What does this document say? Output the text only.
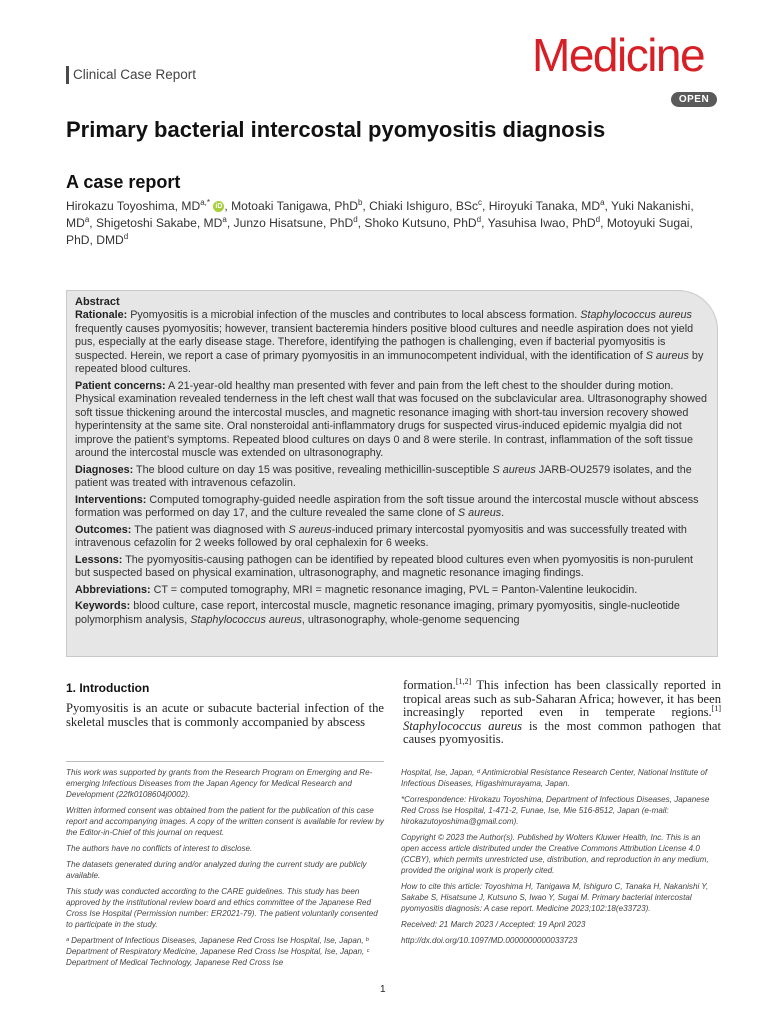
Clinical Case Report	Medicine
OPEN
Primary bacterial intercostal pyomyositis diagnosis
A case report
Hirokazu Toyoshima, $MD^{a,*}$ iD , Motoaki Tanigawa, PhD$^b$, Chiaki Ishiguro, BSc$^c$, Hiroyuki Tanaka, $MD^a$, Yuki Nakanishi, $MD^a$, Shigetoshi Sakabe, $MD^a$, Junzo Hisatsune, PhD$^d$, Shoko Kutsuno, PhD$^d$, Yasuhisa Iwao, PhD$^d$, Motoyuki Sugai, PhD, DMD$^d$
Abstract

Rationale: Pyomyositis is a microbial infection of the muscles and contributes to local abscess formation. Staphylococcus aureus frequently causes pyomyositis; however, transient bacteremia hinders positive blood cultures and needle aspiration does not yield pus, especially at the early disease stage. Therefore, identifying the pathogen is challenging, even if bacterial pyomyositis is suspected. Herein, we report a case of primary pyomyositis in an immunocompetent individual, with the identification of S aureus by repeated blood cultures.

Patient concerns: A 21-year-old healthy man presented with fever and pain from the left chest to the shoulder during motion. Physical examination revealed tenderness in the left chest wall that was focused on the subclavicular area. Ultrasonography showed soft tissue thickening around the intercostal muscles, and magnetic resonance imaging with short-tau inversion recovery showed hyperintensity at the same site. Oral nonsteroidal anti-inflammatory drugs for suspected virus-induced epidemic myalgia did not improve the patient’s symptoms. Repeated blood cultures on days 0 and 8 were sterile. In contrast, inflammation of the soft tissue around the intercostal muscle was extended on ultrasonography.

Diagnoses: The blood culture on day 15 was positive, revealing methicillin-susceptible S aureus JARB-OU2579 isolates, and the patient was treated with intravenous cefazolin.

Interventions: Computed tomography-guided needle aspiration from the soft tissue around the intercostal muscle without abscess formation was performed on day 17, and the culture revealed the same clone of S aureus.

Outcomes: The patient was diagnosed with S aureus-induced primary intercostal pyomyositis and was successfully treated with intravenous cefazolin for 2 weeks followed by oral cephalexin for 6 weeks.

Lessons: The pyomyositis-causing pathogen can be identified by repeated blood cultures even when pyomyositis is non-purulent but suspected based on physical examination, ultrasonography, and magnetic resonance imaging findings.

Abbreviations: CT = computed tomography, MRI = magnetic resonance imaging, PVL = Panton-Valentine leukocidin.

Keywords: blood culture, case report, intercostal muscle, magnetic resonance imaging, primary pyomyositis, single-nucleotide polymorphism analysis, Staphylococcus aureus, ultrasonography, whole-genome sequencing

1. Introduction
Pyomyositis is an acute or subacute bacterial infection of the skeletal muscles that is commonly accompanied by abscess
formation.[1,2] This infection has been classically reported in tropical areas such as sub-Saharan Africa; however, it has been increasingly reported even in temperate regions.[1] Staphylococcus aureus is the most common pathogen that causes pyomyositis.

This work was supported by grants from the Research Program on Emerging and Re-emerging Infectious Diseases from the Japan Agency for Medical Research and Development (22fk0108604j0002).

Written informed consent was obtained from the patient for the publication of this case report and accompanying images. A copy of the written consent is available for review by the Editor-in-Chief of this journal on request.

The authors have no conflicts of interest to disclose.

The datasets generated during and/or analyzed during the current study are publicly available.

This study was conducted according to the CARE guidelines. This study has been approved by the institutional review board and ethics committee of the Japanese Red Cross Ise Hospital (Permission number: ER2021-79). The patient voluntarily consented to participate in the study.

ᵃ Department of Infectious Diseases, Japanese Red Cross Ise Hospital, Ise, Japan, ᵇ Department of Respiratory Medicine, Japanese Red Cross Ise Hospital, Ise, Japan, ᶜ Department of Medical Technology, Japanese Red Cross Ise

Hospital, Ise, Japan, ᵈ Antimicrobial Resistance Research Center, National Institute of Infectious Diseases, Higashimurayama, Japan.

*Correspondence: Hirokazu Toyoshima, Department of Infectious Diseases, Japanese Red Cross Ise Hospital, 1-471-2, Funae, Ise, Mie 516-8512, Japan (e-mail: hirokazutoyoshima@gmail.com).

Copyright © 2023 the Author(s). Published by Wolters Kluwer Health, Inc. This is an open access article distributed under the Creative Commons Attribution License 4.0 (CCBY), which permits unrestricted use, distribution, and reproduction in any medium, provided the original work is properly cited.

How to cite this article: Toyoshima H, Tanigawa M, Ishiguro C, Tanaka H, Nakanishi Y, Sakabe S, Hisatsune J, Kutsuno S, Iwao Y, Sugai M. Primary bacterial intercostal pyomyositis diagnosis: A case report. Medicine 2023;102:18(e33723).

Received: 21 March 2023 / Accepted: 19 April 2023

http://dx.doi.org/10.1097/MD.0000000000033723

1
